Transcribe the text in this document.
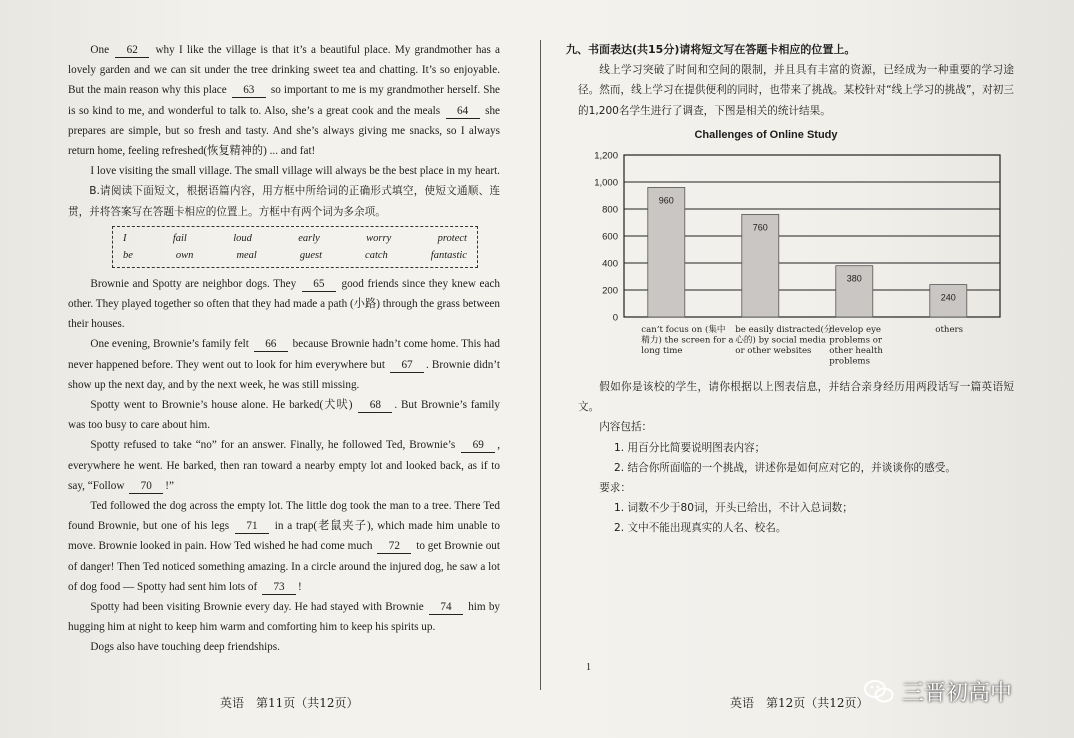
One 62 why I like the village is that it’s a beautiful place. My grandmother has a lovely garden and we can sit under the tree drinking sweet tea and chatting. It’s so enjoyable. But the main reason why this place 63 so important to me is my grandmother herself. She is so kind to me, and wonderful to talk to. Also, she’s a great cook and the meals 64 she prepares are simple, but so fresh and tasty. And she’s always giving me snacks, so I always return home, feeling refreshed(恢复精神的) ... and fat!

I love visiting the small village. The small village will always be the best place in my heart.

B.请阅读下面短文，根据语篇内容，用方框中所给词的正确形式填空，使短文通顺、连贯，并将答案写在答题卡相应的位置上。方框中有两个词为多余项。

I	fail	loud	early	worry	protect
be	own	meal	guest	catch	fantastic

Brownie and Spotty are neighbor dogs. They 65 good friends since they knew each other. They played together so often that they had made a path (小路) through the grass between their houses.

One evening, Brownie’s family felt 66 because Brownie hadn’t come home. This had never happened before. They went out to look for him everywhere but 67 . Brownie didn’t show up the next day, and by the next week, he was still missing.

Spotty went to Brownie’s house alone. He barked(犬吠) 68 . But Brownie’s family was too busy to care about him.

Spotty refused to take “no” for an answer. Finally, he followed Ted, Brownie’s 69 , everywhere he went. He barked, then ran toward a nearby empty lot and looked back, as if to say, “Follow 70 !”

Ted followed the dog across the empty lot. The little dog took the man to a tree. There Ted found Brownie, but one of his legs 71 in a trap(老鼠夹子), which made him unable to move. Brownie looked in pain. How Ted wished he had come much 72 to get Brownie out of danger! Then Ted noticed something amazing. In a circle around the injured dog, he saw a lot of dog food — Spotty had sent him lots of 73 !

Spotty had been visiting Brownie every day. He had stayed with Brownie 74 him by hugging him at night to keep him warm and comforting him to keep his spirits up.

Dogs also have touching deep friendships.

英语　第11页（共12页）

九、书面表达(共15分)请将短文写在答题卡相应的位置上。

线上学习突破了时间和空间的限制，并且具有丰富的资源，已经成为一种重要的学习途径。然而，线上学习在提供便利的同时，也带来了挑战。某校针对“线上学习的挑战”，对初三的1,200名学生进行了调查，下图是相关的统计结果。

Challenges of Online Study
0
200
400
600
800
1,000
1,200
960
can’t focus on (集中
精力) the screen for a
long time
760
be easily distracted(分
心的) by social media
or other websites
380
develop eye
problems or
other health
problems
240
others

假如你是该校的学生，请你根据以上图表信息，并结合亲身经历用两段话写一篇英语短文。

内容包括：

1. 用百分比简要说明图表内容；

2. 结合你所面临的一个挑战，讲述你是如何应对它的，并谈谈你的感受。

要求：

1. 词数不少于80词，开头已给出，不计入总词数；

2. 文中不能出现真实的人名、校名。

1
英语　第12页（共12页） 三晋初高中
